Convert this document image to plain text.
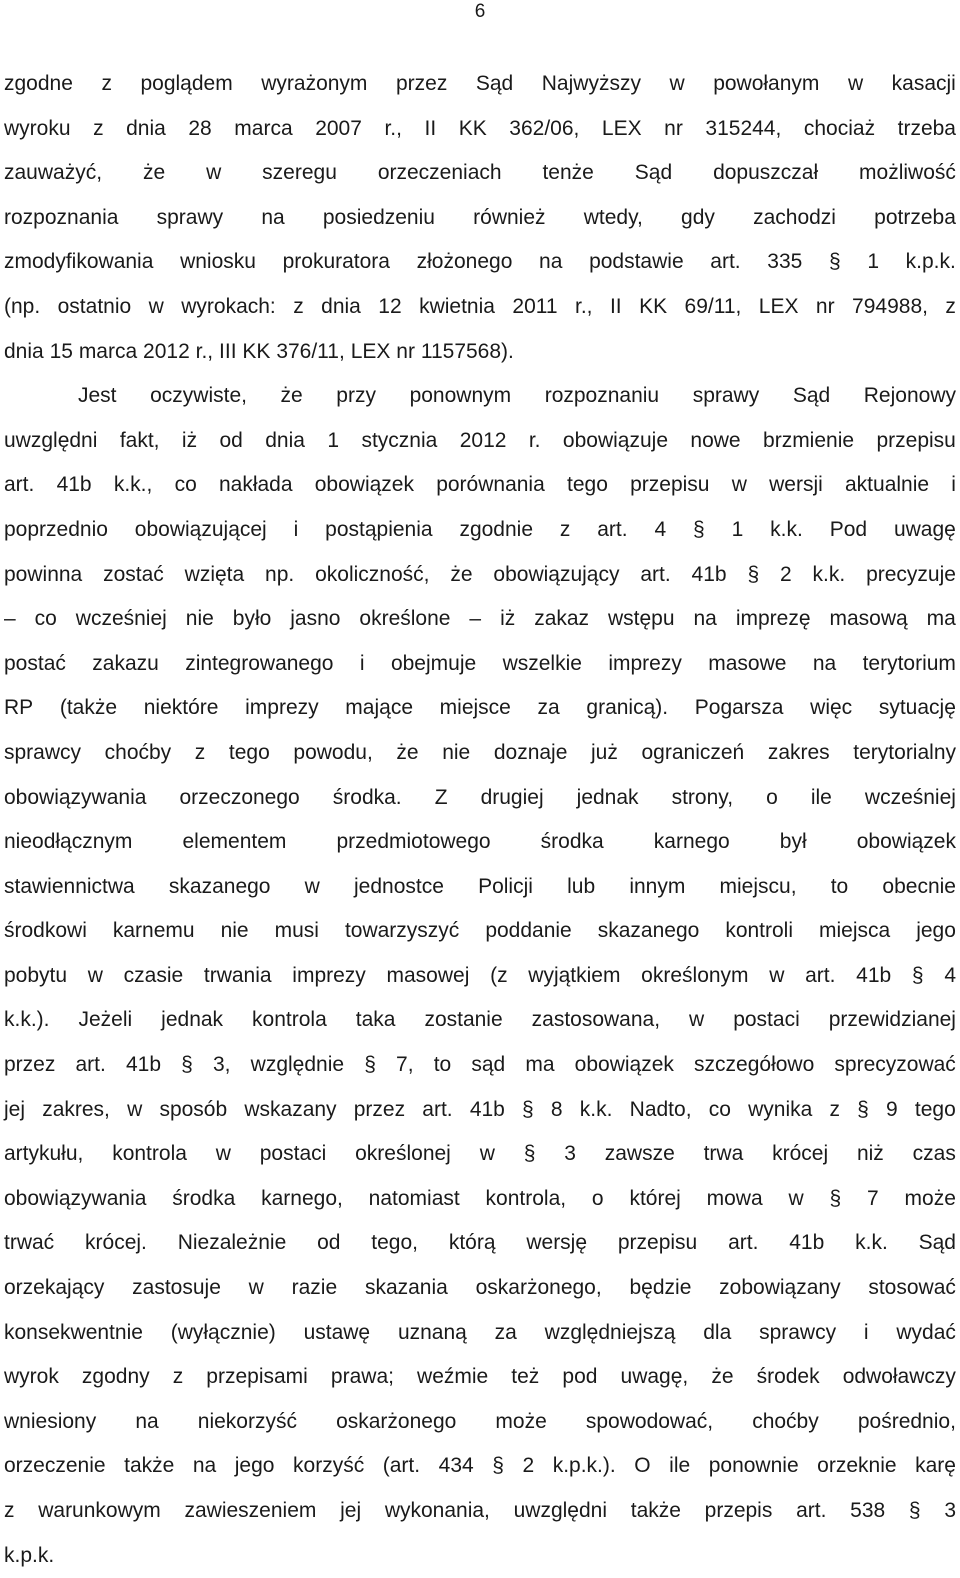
6
zgodne z poglądem wyrażonym przez Sąd Najwyższy w powołanym w kasacji
wyroku z dnia 28 marca 2007 r., II KK 362/06, LEX nr 315244, chociaż trzeba
zauważyć, że w szeregu orzeczeniach tenże Sąd dopuszczał możliwość
rozpoznania sprawy na posiedzeniu również wtedy, gdy zachodzi potrzeba
zmodyfikowania wniosku prokuratora złożonego na podstawie art. 335 § 1 k.p.k.
(np. ostatnio w wyrokach: z dnia 12 kwietnia 2011 r., II KK 69/11, LEX nr 794988, z
dnia 15 marca 2012 r., III KK 376/11, LEX nr 1157568).
Jest oczywiste, że przy ponownym rozpoznaniu sprawy Sąd Rejonowy
uwzględni fakt, iż od dnia 1 stycznia 2012 r. obowiązuje nowe brzmienie przepisu
art. 41b k.k., co nakłada obowiązek porównania tego przepisu w wersji aktualnie i
poprzednio obowiązującej i postąpienia zgodnie z art. 4 § 1 k.k. Pod uwagę
powinna zostać wzięta np. okoliczność, że obowiązujący art. 41b § 2 k.k. precyzuje
– co wcześniej nie było jasno określone – iż zakaz wstępu na imprezę masową ma
postać zakazu zintegrowanego i obejmuje wszelkie imprezy masowe na terytorium
RP (także niektóre imprezy mające miejsce za granicą). Pogarsza więc sytuację
sprawcy choćby z tego powodu, że nie doznaje już ograniczeń zakres terytorialny
obowiązywania orzeczonego środka. Z drugiej jednak strony, o ile wcześniej
nieodłącznym elementem przedmiotowego środka karnego był obowiązek
stawiennictwa skazanego w jednostce Policji lub innym miejscu, to obecnie
środkowi karnemu nie musi towarzyszyć poddanie skazanego kontroli miejsca jego
pobytu w czasie trwania imprezy masowej (z wyjątkiem określonym w art. 41b § 4
k.k.). Jeżeli jednak kontrola taka zostanie zastosowana, w postaci przewidzianej
przez art. 41b § 3, względnie § 7, to sąd ma obowiązek szczegółowo sprecyzować
jej zakres, w sposób wskazany przez art. 41b § 8 k.k. Nadto, co wynika z § 9 tego
artykułu, kontrola w postaci określonej w § 3 zawsze trwa krócej niż czas
obowiązywania środka karnego, natomiast kontrola, o której mowa w § 7 może
trwać krócej. Niezależnie od tego, którą wersję przepisu art. 41b k.k. Sąd
orzekający zastosuje w razie skazania oskarżonego, będzie zobowiązany stosować
konsekwentnie (wyłącznie) ustawę uznaną za względniejszą dla sprawcy i wydać
wyrok zgodny z przepisami prawa; weźmie też pod uwagę, że środek odwoławczy
wniesiony na niekorzyść oskarżonego może spowodować, choćby pośrednio,
orzeczenie także na jego korzyść (art. 434 § 2 k.p.k.). O ile ponownie orzeknie karę
z warunkowym zawieszeniem jej wykonania, uwzględni także przepis art. 538 § 3
k.p.k.
